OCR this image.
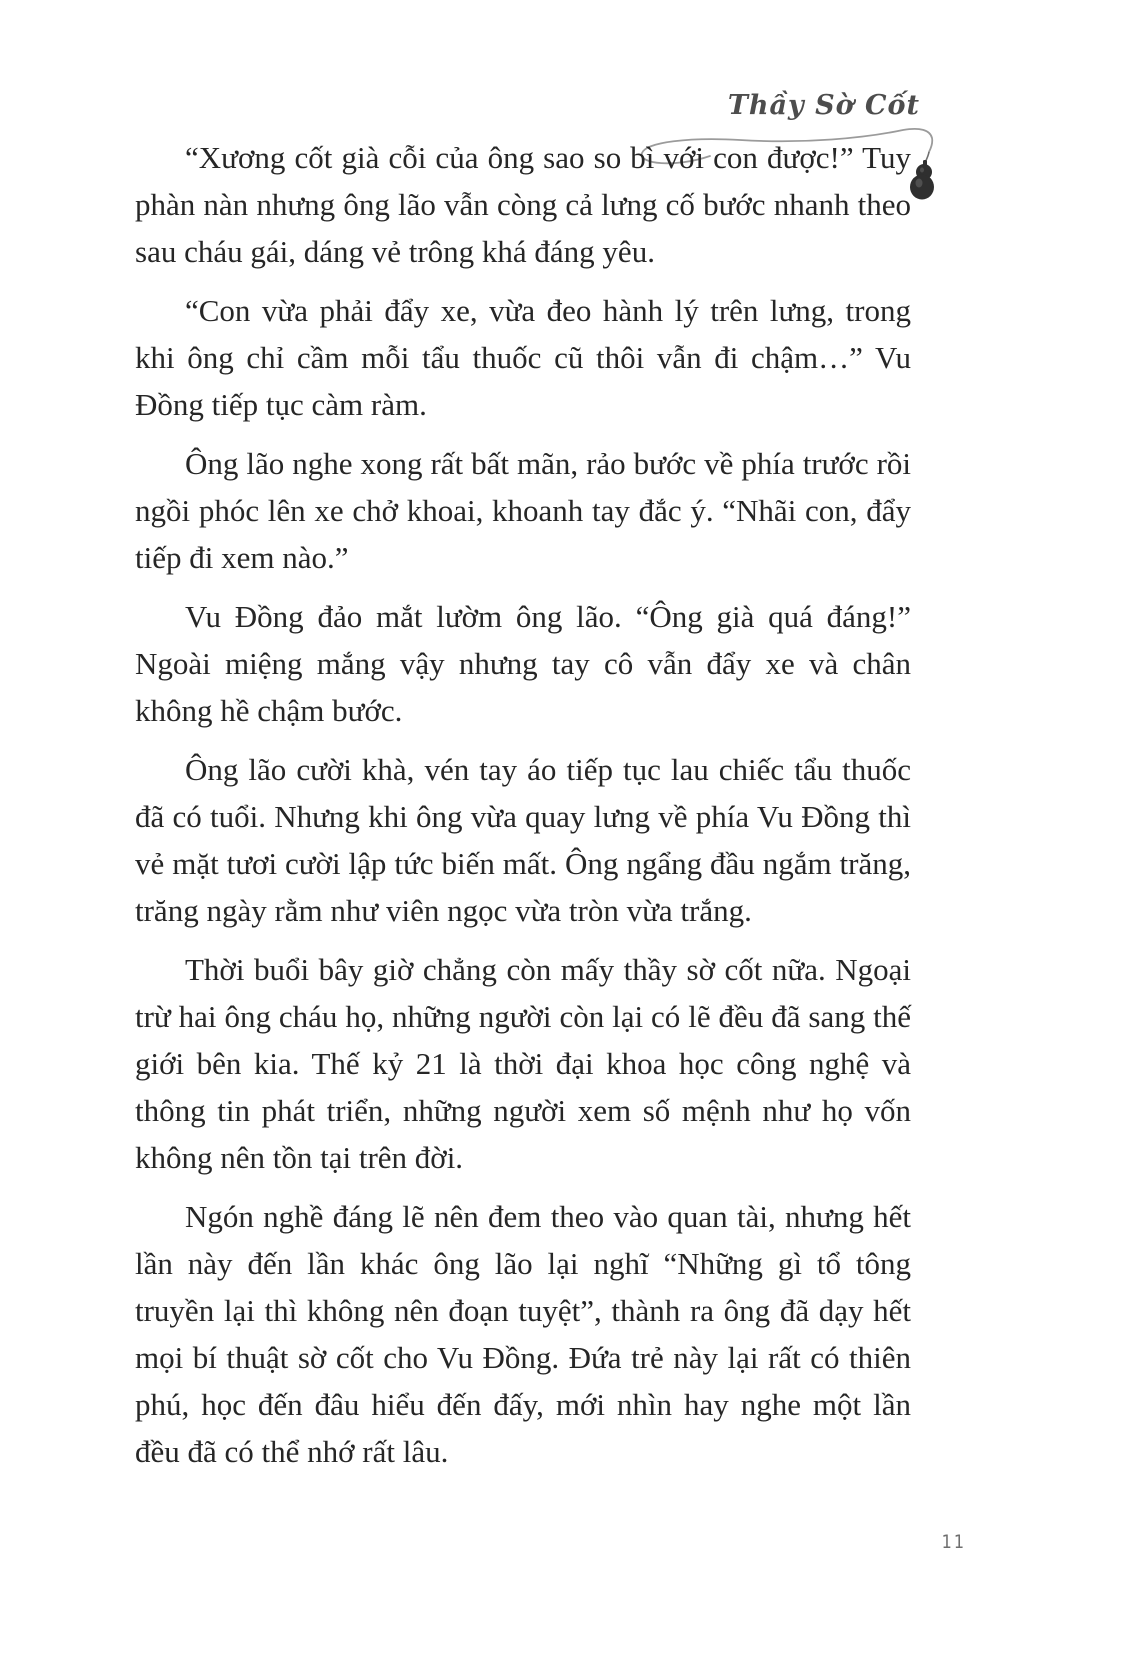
Thầy Sờ Cốt

“Xương cốt già cỗi của ông sao so bì với con được!” Tuy phàn nàn nhưng ông lão vẫn còng cả lưng cố bước nhanh theo sau cháu gái, dáng vẻ trông khá đáng yêu.

“Con vừa phải đẩy xe, vừa đeo hành lý trên lưng, trong khi ông chỉ cầm mỗi tẩu thuốc cũ thôi vẫn đi chậm…” Vu Đồng tiếp tục càm ràm.

Ông lão nghe xong rất bất mãn, rảo bước về phía trước rồi ngồi phóc lên xe chở khoai, khoanh tay đắc ý. “Nhãi con, đẩy tiếp đi xem nào.”

Vu Đồng đảo mắt lườm ông lão. “Ông già quá đáng!” Ngoài miệng mắng vậy nhưng tay cô vẫn đẩy xe và chân không hề chậm bước.

Ông lão cười khà, vén tay áo tiếp tục lau chiếc tẩu thuốc đã có tuổi. Nhưng khi ông vừa quay lưng về phía Vu Đồng thì vẻ mặt tươi cười lập tức biến mất. Ông ngẩng đầu ngắm trăng, trăng ngày rằm như viên ngọc vừa tròn vừa trắng.

Thời buổi bây giờ chẳng còn mấy thầy sờ cốt nữa. Ngoại trừ hai ông cháu họ, những người còn lại có lẽ đều đã sang thế giới bên kia. Thế kỷ 21 là thời đại khoa học công nghệ và thông tin phát triển, những người xem số mệnh như họ vốn không nên tồn tại trên đời.

Ngón nghề đáng lẽ nên đem theo vào quan tài, nhưng hết lần này đến lần khác ông lão lại nghĩ “Những gì tổ tông truyền lại thì không nên đoạn tuyệt”, thành ra ông đã dạy hết mọi bí thuật sờ cốt cho Vu Đồng. Đứa trẻ này lại rất có thiên phú, học đến đâu hiểu đến đấy, mới nhìn hay nghe một lần đều đã có thể nhớ rất lâu.

11
